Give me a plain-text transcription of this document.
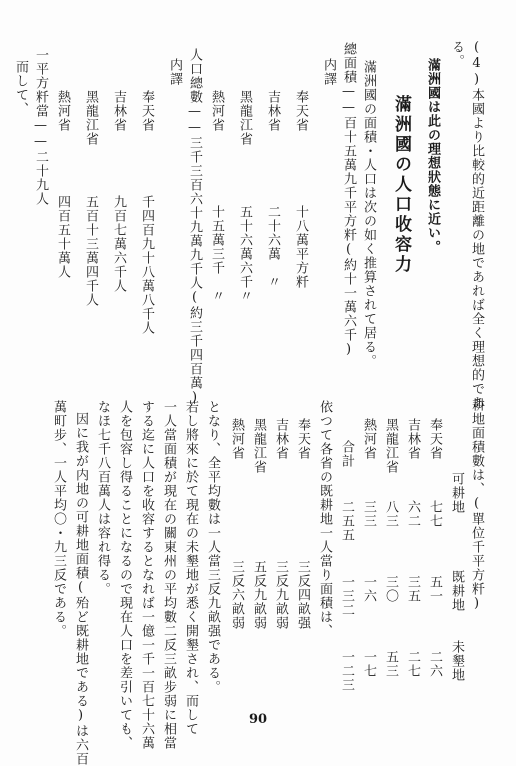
(4)本國より比較的近距離の地であれば全く理想的であ
る。
滿洲國は此の理想狀態に近い。
滿洲國の人口收容力
滿洲國の面積・人口は次の如く推算されて居る。
總面積——百十五萬九千平方粁(約十一萬六千)
内譯
奉天省
十八萬平方粁
吉林省
二十六萬　〃
黑龍江省
五十六萬六千〃
熱河省
十五萬三千　〃
人口總數——三千三百六十九萬九千人(約三千四百萬)
内譯
奉天省
千四百九十八萬八千人
吉林省
九百七萬六千人
黑龍江省
五百十三萬四千人
熱河省
四百五十萬人
一平方粁當——二十九人
而して、
耕地面積數は、(單位千平方粁)
可耕地
既耕地
未墾地
奉天省
七七
五一
二六
吉林省
六二
三五
二七
黑龍江省
八三
三〇
五三
熱河省
三三
一六
一七
合計
二五五
一三二
一二三
依つて各省の既耕地一人當り面積は、
奉天省
三反四畝强
吉林省
三反九畝弱
黑龍江省
五反九畝弱
熱河省
三反六畝弱
となり、全平均數は一人當三反九畝强である。
若し將來に於て現在の未墾地が悉く開墾され、而して
一人當面積が現在の關東州の平均數二反三畝步弱に相當
する迄に人口を收容するとなれば一億一千一百七十六萬
人を包容し得ることになるので現在人口を差引いても、
なほ七千八百萬人は容れ得る。
因に我が内地の可耕地面積(殆ど既耕地である)は六百
萬町步、一人平均〇・九三反である。
90
